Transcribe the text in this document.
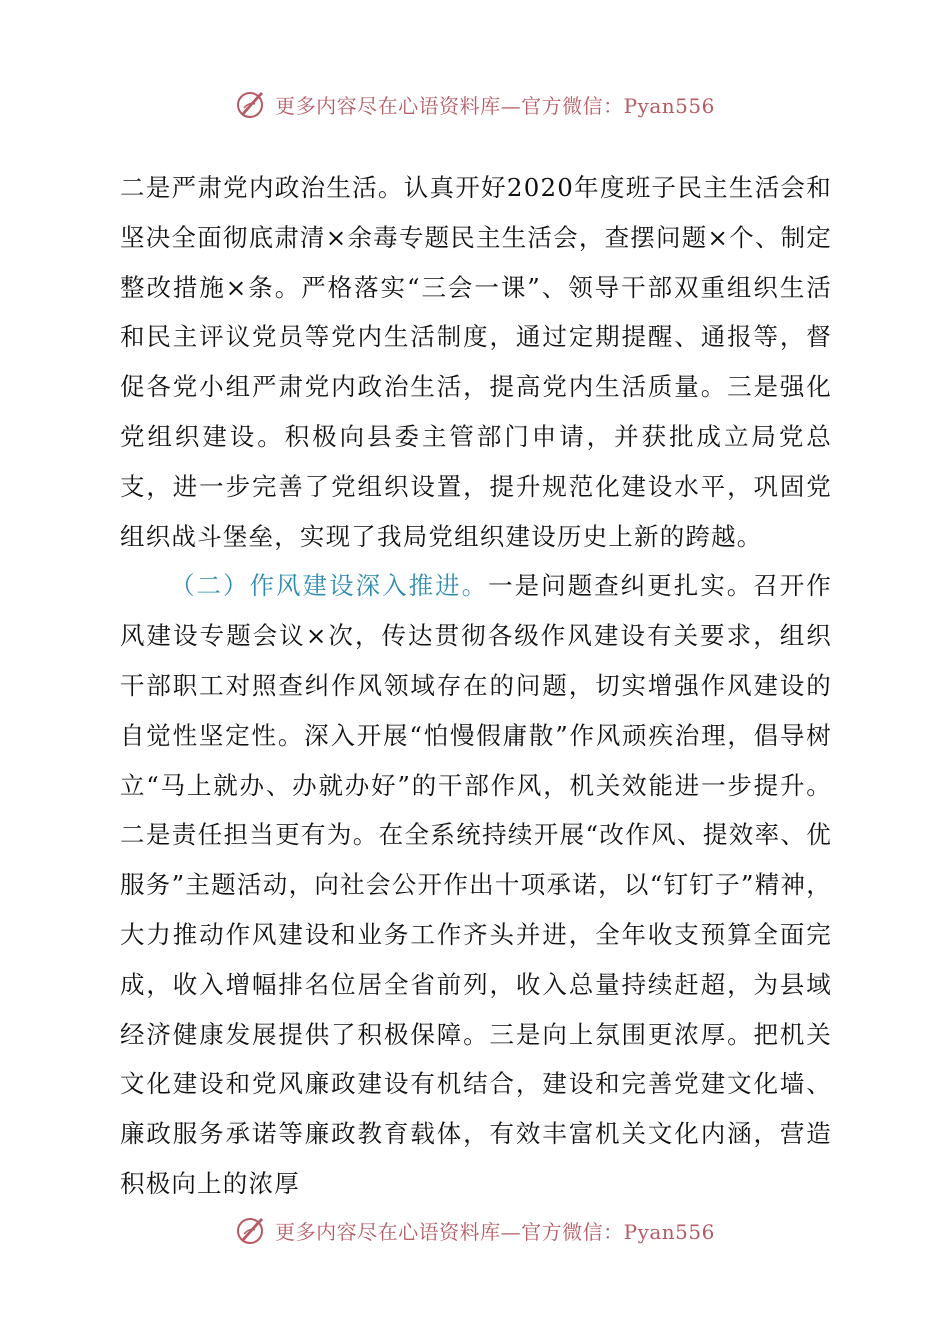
更多内容尽在心语资料库—官方微信：Pyan556

二是严肃党内政治生活。认真开好2020年度班子民主生活会和坚决全面彻底肃清×余毒专题民主生活会，查摆问题×个、制定整改措施×条。严格落实“三会一课”、领导干部双重组织生活和民主评议党员等党内生活制度，通过定期提醒、通报等，督促各党小组严肃党内政治生活，提高党内生活质量。三是强化党组织建设。积极向县委主管部门申请，并获批成立局党总支，进一步完善了党组织设置，提升规范化建设水平，巩固党组织战斗堡垒，实现了我局党组织建设历史上新的跨越。

（二）作风建设深入推进。一是问题查纠更扎实。召开作风建设专题会议×次，传达贯彻各级作风建设有关要求，组织干部职工对照查纠作风领域存在的问题，切实增强作风建设的自觉性坚定性。深入开展“怕慢假庸散”作风顽疾治理，倡导树立“马上就办、办就办好”的干部作风，机关效能进一步提升。二是责任担当更有为。在全系统持续开展“改作风、提效率、优服务”主题活动，向社会公开作出十项承诺，以“钉钉子”精神，大力推动作风建设和业务工作齐头并进，全年收支预算全面完成，收入增幅排名位居全省前列，收入总量持续赶超，为县域经济健康发展提供了积极保障。三是向上氛围更浓厚。把机关文化建设和党风廉政建设有机结合，建设和完善党建文化墙、廉政服务承诺等廉政教育载体，有效丰富机关文化内涵，营造积极向上的浓厚

更多内容尽在心语资料库—官方微信：Pyan556
